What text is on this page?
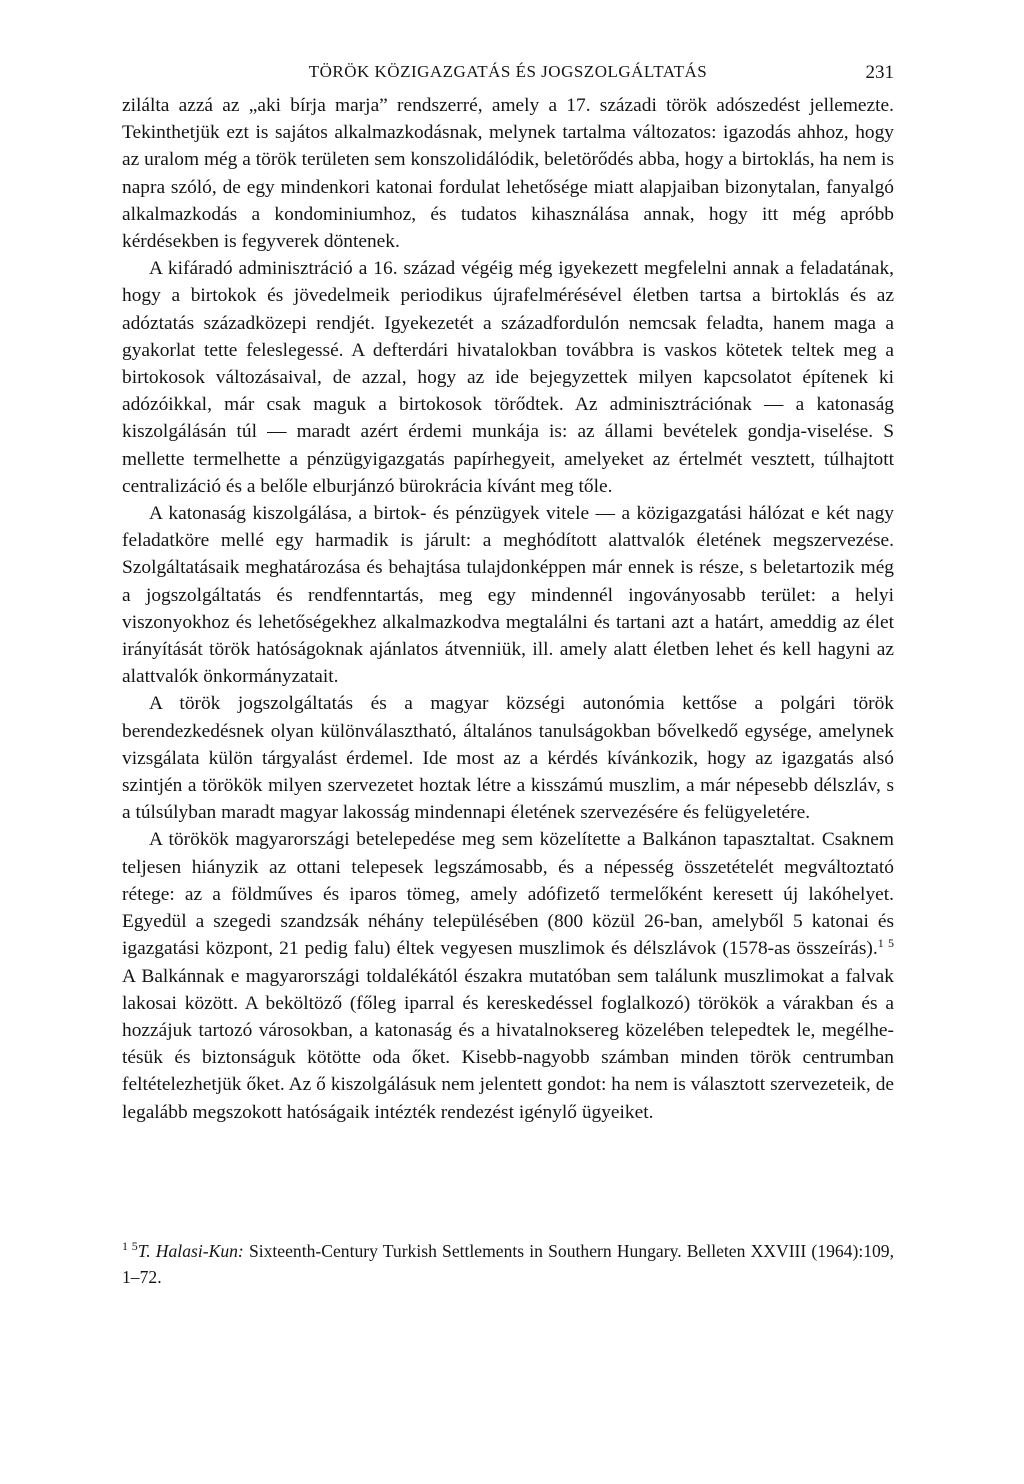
TÖRÖK KÖZIGAZGATÁS ÉS JOGSZOLGÁLTATÁS	231

zilálta azzá az „aki bírja marja” rendszerré, amely a 17. századi török adószedést jellemezte. Tekinthetjük ezt is sajátos alkalmazkodásnak, melynek tartalma változatos: igazodás ahhoz, hogy az uralom még a török területen sem konszolidálódik, beletörődés abba, hogy a birtoklás, ha nem is napra szóló, de egy mindenkori katonai fordulat lehetősége miatt alapjaiban bizonytalan, fanyalgó alkalmazkodás a kondominiumhoz, és tudatos kihasználása annak, hogy itt még apróbb kérdésekben is fegyverek döntenek.

A kifáradó adminisztráció a 16. század végéig még igyekezett megfelelni annak a feladatának, hogy a birtokok és jövedelmeik periodikus újrafelmérésével életben tartsa a birtoklás és az adóztatás századközepi rendjét. Igyekezetét a századfordulón nemcsak feladta, hanem maga a gyakorlat tette feleslegessé. A defterdári hivatalokban továbbra is vaskos kötetek teltek meg a birtokosok változásaival, de azzal, hogy az ide bejegyzettek milyen kapcsolatot építenek ki adózóikkal, már csak maguk a birtokosok törődtek. Az adminisztrációnak — a katonaság kiszolgálásán túl — maradt azért érdemi munkája is: az állami bevételek gondja-viselése. S mellette termelhette a pénzügyigazgatás papírhegyeit, amelyeket az értelmét vesztett, túlhajtott centralizáció és a belőle elburjánzó bürokrácia kívánt meg tőle.

A katonaság kiszolgálása, a birtok- és pénzügyek vitele — a közigazgatási hálózat e két nagy feladatköre mellé egy harmadik is járult: a meghódított alattvalók életének megszervezése. Szolgáltatásaik meghatározása és behajtása tulajdonképpen már ennek is része, s beletartozik még a jogszolgáltatás és rendfenntartás, meg egy mindennél ingoványosabb terület: a helyi viszonyokhoz és lehetőségekhez alkalmazkodva megtalálni és tartani azt a határt, ameddig az élet irányítását török hatóságoknak ajánlatos átvenniük, ill. amely alatt életben lehet és kell hagyni az alattvalók önkormányzatait.

A török jogszolgáltatás és a magyar községi autonómia kettőse a polgári török berendezkedésnek olyan különválasztható, általános tanulságokban bővelkedő egysége, amelynek vizsgálata külön tárgyalást érdemel. Ide most az a kérdés kívánkozik, hogy az igazgatás alsó szintjén a törökök milyen szervezetet hoztak létre a kisszámú muszlim, a már népesebb délszláv, s a túlsúlyban maradt magyar lakosság mindennapi életének szervezésére és felügyeletére.

A törökök magyarországi betelepedése meg sem közelítette a Balkánon tapasztaltat. Csaknem teljesen hiányzik az ottani telepesek legszámosabb, és a népesség összetételét megváltoztató rétege: az a földműves és iparos tömeg, amely adófizető termelőként keresett új lakóhelyet. Egyedül a szegedi szandzsák néhány településében (800 közül 26-ban, amelyből 5 katonai és igazgatási központ, 21 pedig falu) éltek vegyesen muszlimok és délszlávok (1578-as összeírás).$^{1 5}$ A Balkánnak e magyarországi toldalékától északra mutatóban sem találunk muszlimokat a falvak lakosai között. A beköltöző (főleg iparral és kereskedéssel foglalkozó) törökök a várakban és a hozzájuk tartozó városokban, a katonaság és a hivatalnoksereg közelében telepedtek le, megélhetésük és biztonságuk kötötte oda őket. Kisebb-nagyobb számban minden török centrumban feltételezhetjük őket. Az ő kiszolgálásuk nem jelentett gondot: ha nem is választott szervezeteik, de legalább megszokott hatóságaik intézték rendezést igénylő ügyeiket.

$^{1 5}$T. Halasi-Kun: Sixteenth-Century Turkish Settlements in Southern Hungary. Belleten XXVIII (1964):109, 1–72.
